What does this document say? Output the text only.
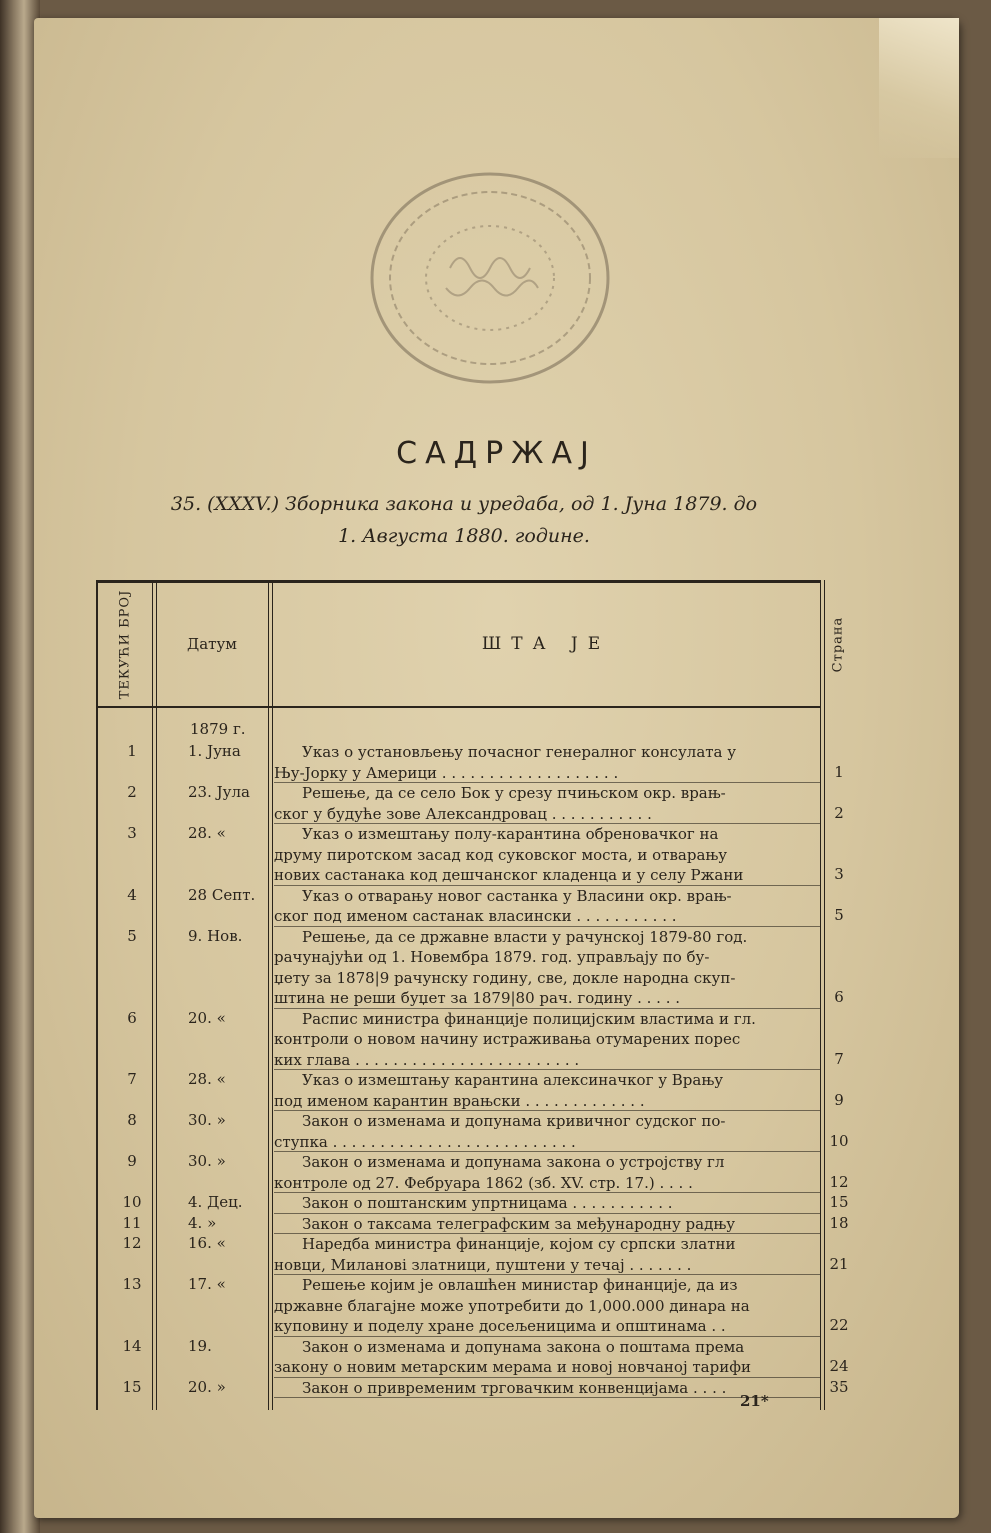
САДРЖАЈ
35. (XXXV.) Зборника закона и уредаба, од 1. Јуна 1879. до
1. Августа 1880. године.
ТЕКУЋИ БРОЈ	Датум	ШТА ЈЕ	Страна
1879 г.
1	1. Јуна	Указ о установљењу почасног генералног консулата у
Њу-Јорку у Америци . . . . . . . . . . . . . . . . . . .	1
2	23. Јула	Решење, да се село Бок у срезу пчињском окр. врањ-
ског у будуће зове Александровац . . . . . . . . . . .	2
3	28. «	Указ о измештању полу-карантина обреновачког на
друму пиротском засад код суковског моста, и отварању
нових састанака код дешчанског кладенца и у селу Ржани	3
4	28 Септ.	Указ о отварању новог састанка у Власини окр. врањ-
ског под именом састанак власински . . . . . . . . . . .	5
5	9. Нов.	Решење, да се државне власти у рачунској 1879-80 год.
рачунајући од 1. Новембра 1879. год. управљају по бу-
џету за 1878|9 рачунску годину, све, докле народна скуп-
штина не реши буџет за 1879|80 рач. годину . . . . .	6
6	20. «	Распис министра финанције полицијским властима и гл.
контроли о новом начину истраживања отумарених порес
ких глава . . . . . . . . . . . . . . . . . . . . . . . .	7
7	28. «	Указ о измештању карантина алексиначког у Врању
под именом карантин врањски . . . . . . . . . . . . .	9
8	30. »	Закон о изменама и допунама кривичног судског по-
ступка . . . . . . . . . . . . . . . . . . . . . . . . . .	10
9	30. »	Закон о изменама и допунама закона о устројству гл
контроле од 27. Фебруара 1862 (зб. XV. стр. 17.) . . . .	12
10	4. Дец.	Закон о поштанским упртницама . . . . . . . . . . .	15
11	4. »	Закон о таксама телеграфским за међународну радњу	18
12	16. «	Наредба министра финанције, којом су српски златни
новци, Милановi златници, пуштени у течај . . . . . . .	21
13	17. «	Решење којим је овлашћен министар финанције, да из
државне благајне може употребити до 1,000.000 динара на
куповину и поделу хране досељеницима и општинама . .	22
14	19.	Закон о изменама и допунама закона о поштама према
закону о новим метарским мерама и новој новчаној тарифи	24
15	20. »	Закон о привременим трговачким конвенцијама . . . .	35
21*
